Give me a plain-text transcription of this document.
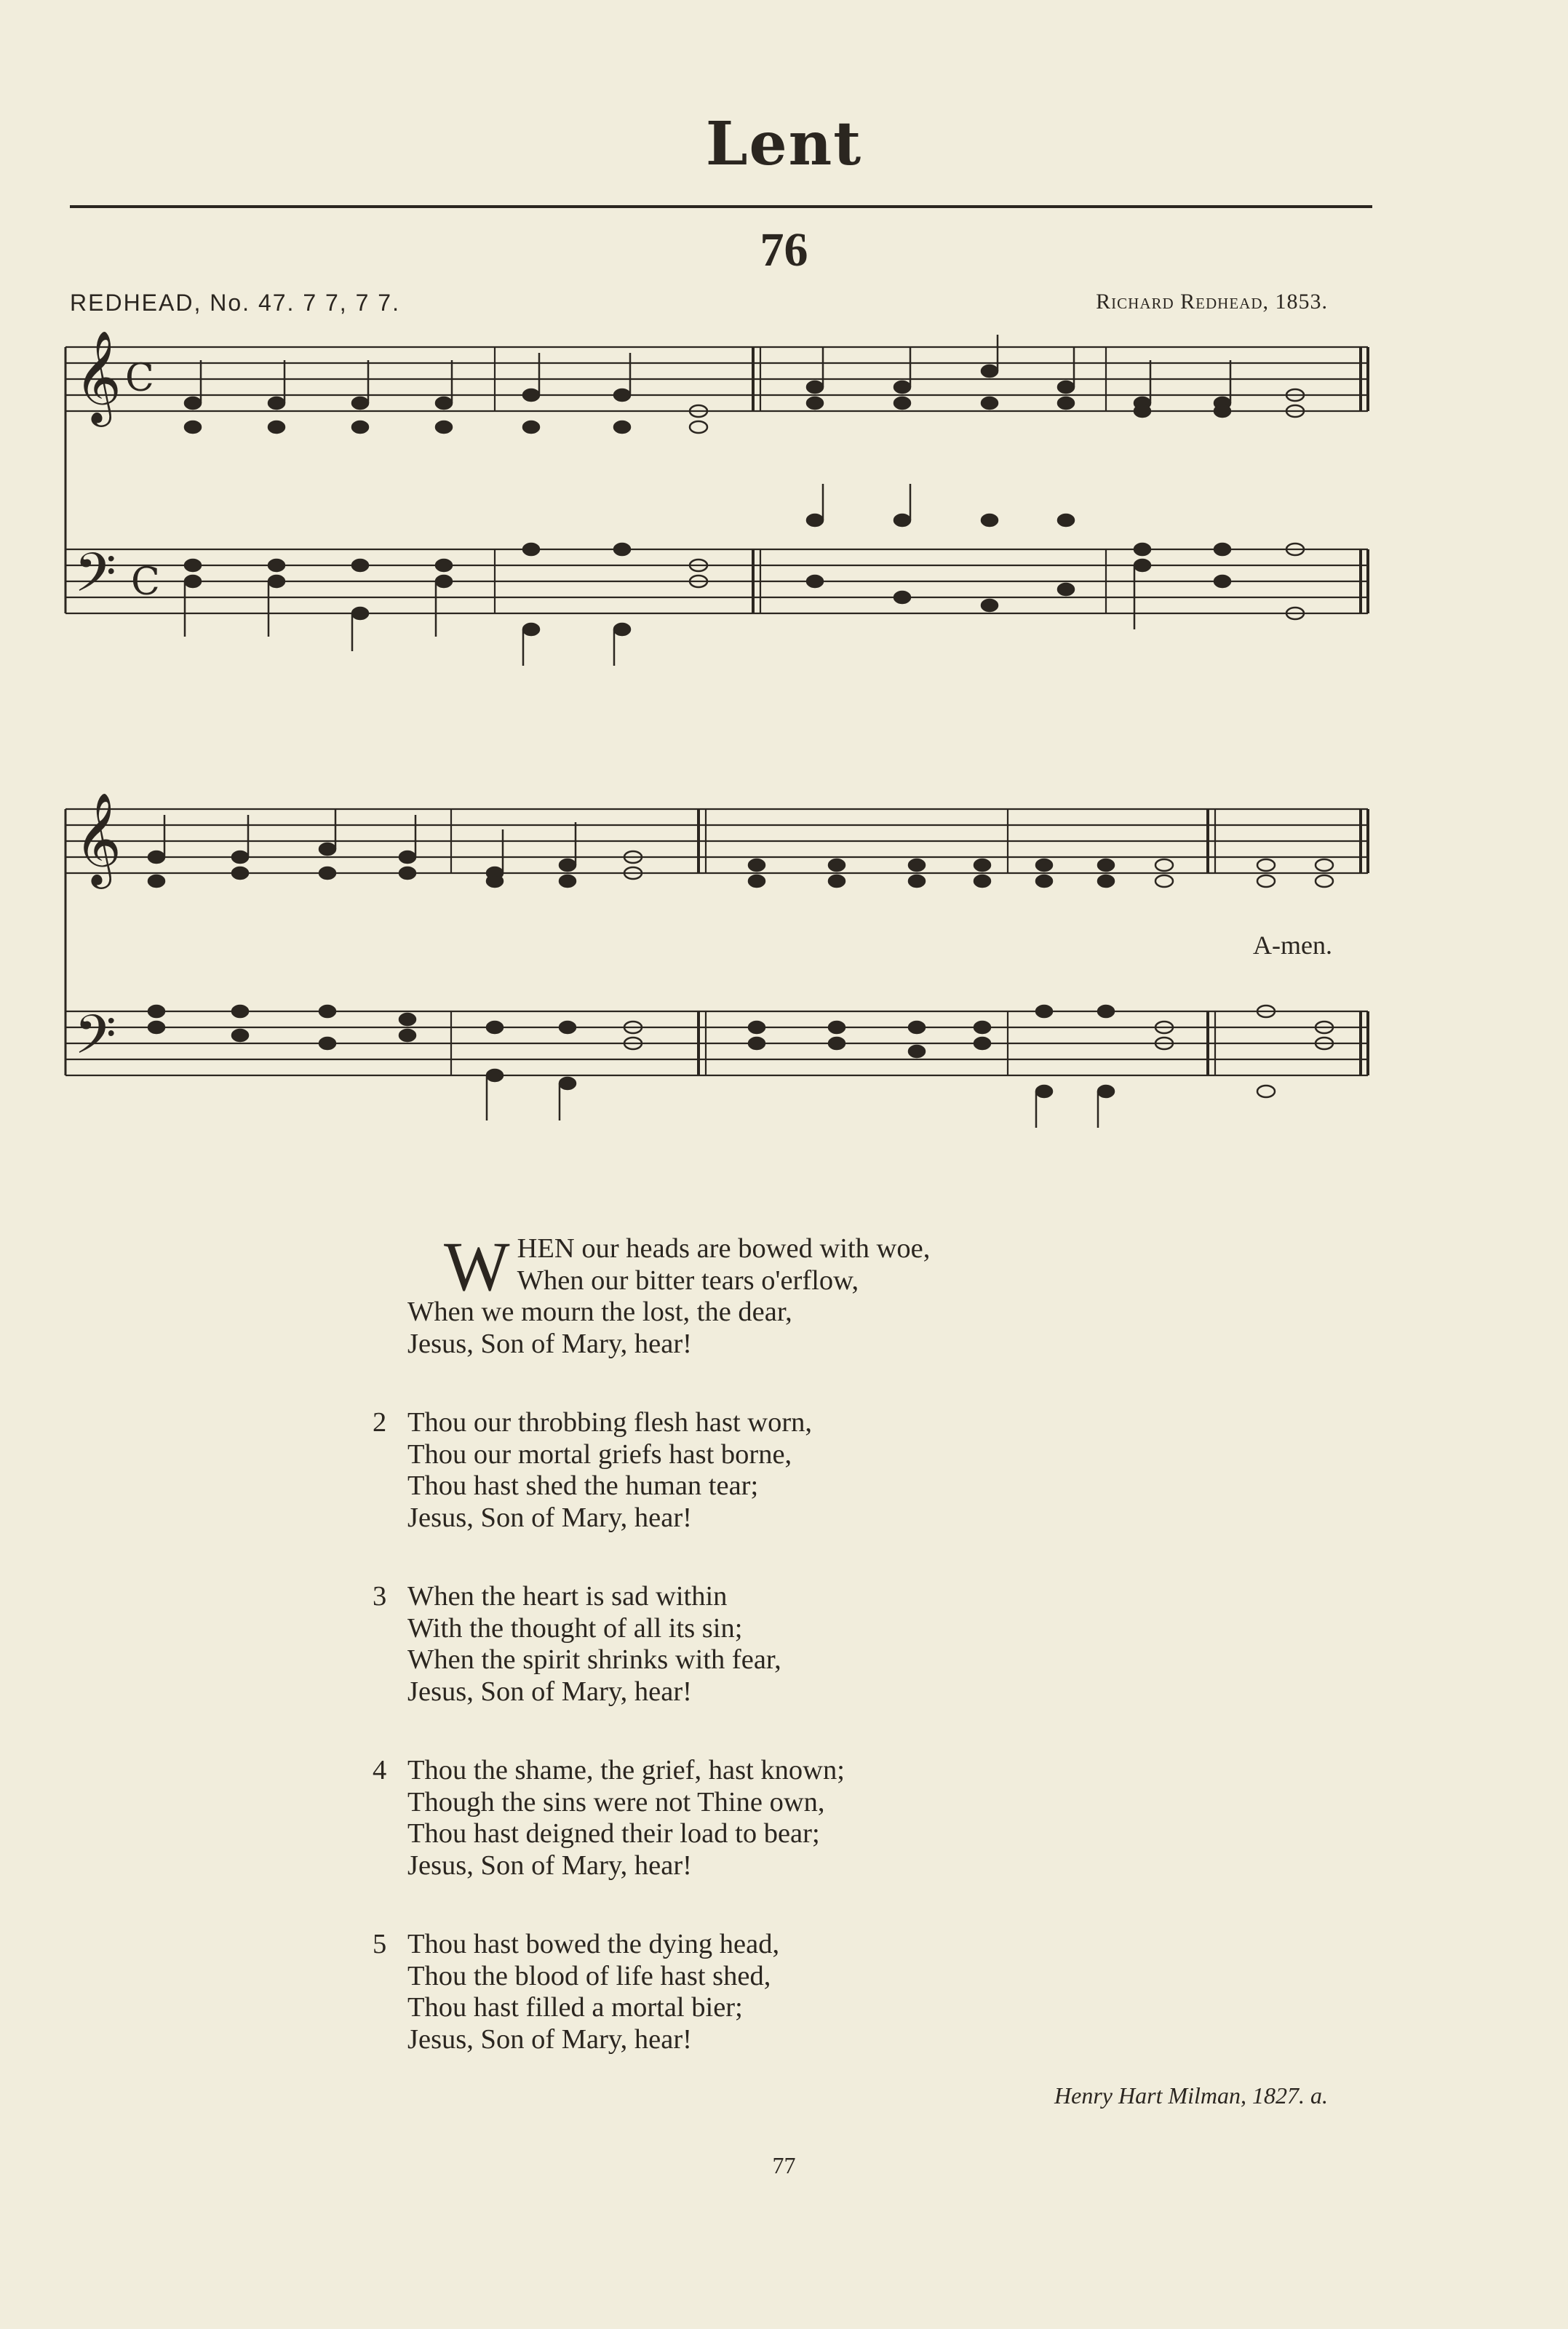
Lent
76
REDHEAD, No. 47. 7 7, 7 7.	Richard Redhead, 1853.
𝄞 C
𝄢 C
𝄞
𝄢
A-men.
W HEN our heads are bowed with woe,
When our bitter tears o'erflow,
When we mourn the lost, the dear,
Jesus, Son of Mary, hear!
2 Thou our throbbing flesh hast worn,
Thou our mortal griefs hast borne,
Thou hast shed the human tear;
Jesus, Son of Mary, hear!
3 When the heart is sad within
With the thought of all its sin;
When the spirit shrinks with fear,
Jesus, Son of Mary, hear!
4 Thou the shame, the grief, hast known;
Though the sins were not Thine own,
Thou hast deigned their load to bear;
Jesus, Son of Mary, hear!
5 Thou hast bowed the dying head,
Thou the blood of life hast shed,
Thou hast filled a mortal bier;
Jesus, Son of Mary, hear!
Henry Hart Milman, 1827. a.
77
